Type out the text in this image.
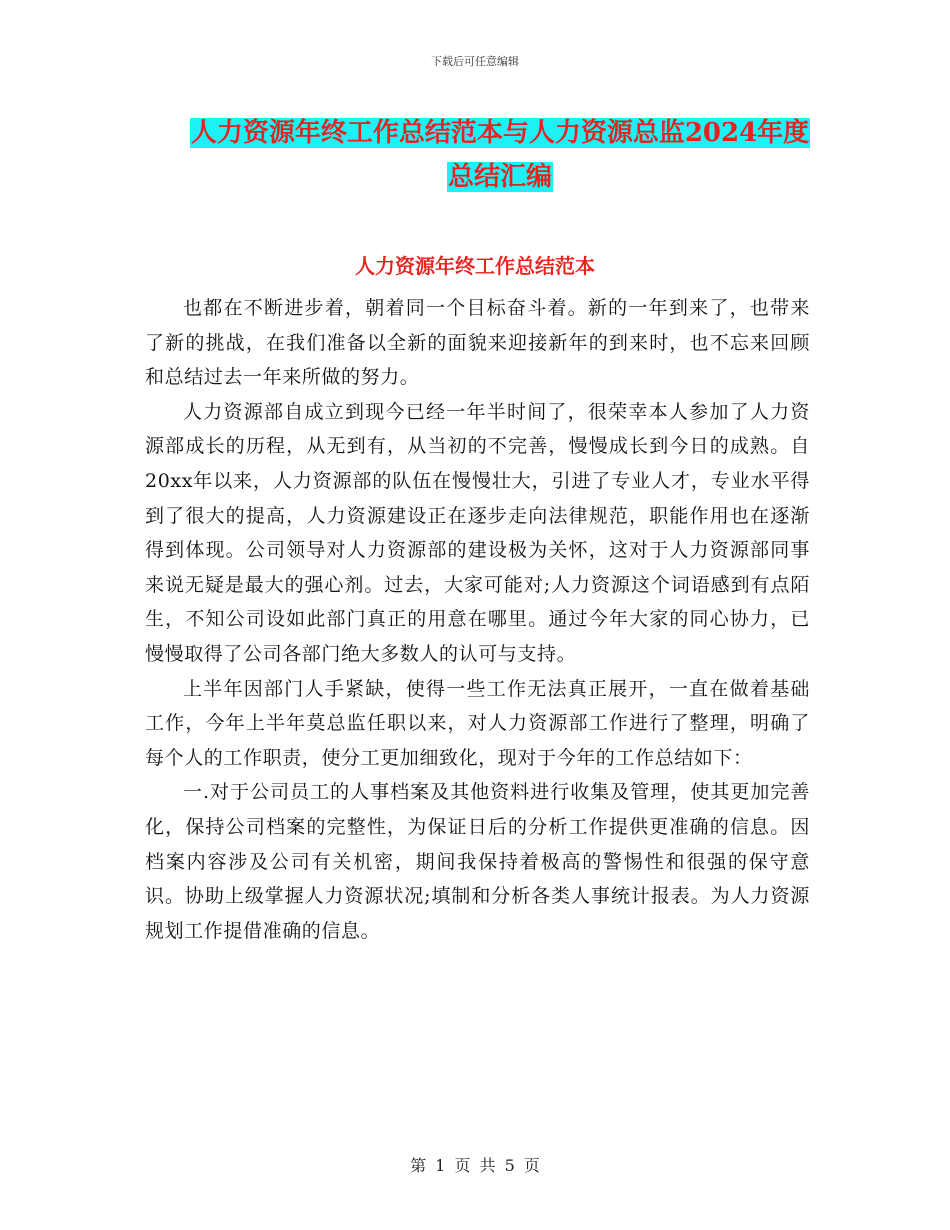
下载后可任意编辑
人力资源年终工作总结范本与人力资源总监2024年度
总结汇编
人力资源年终工作总结范本

也都在不断进步着，朝着同一个目标奋斗着。新的一年到来了，也带来了新的挑战，在我们准备以全新的面貌来迎接新年的到来时，也不忘来回顾和总结过去一年来所做的努力。

人力资源部自成立到现今已经一年半时间了，很荣幸本人参加了人力资源部成长的历程，从无到有，从当初的不完善，慢慢成长到今日的成熟。自20xx年以来，人力资源部的队伍在慢慢壮大，引进了专业人才，专业水平得到了很大的提高，人力资源建设正在逐步走向法律规范，职能作用也在逐渐得到体现。公司领导对人力资源部的建设极为关怀，这对于人力资源部同事来说无疑是最大的强心剂。过去，大家可能对;人力资源这个词语感到有点陌生，不知公司设如此部门真正的用意在哪里。通过今年大家的同心协力，已慢慢取得了公司各部门绝大多数人的认可与支持。

上半年因部门人手紧缺，使得一些工作无法真正展开，一直在做着基础工作，今年上半年莫总监任职以来，对人力资源部工作进行了整理，明确了每个人的工作职责，使分工更加细致化，现对于今年的工作总结如下：

一.对于公司员工的人事档案及其他资料进行收集及管理，使其更加完善化，保持公司档案的完整性，为保证日后的分析工作提供更准确的信息。因档案内容涉及公司有关机密，期间我保持着极高的警惕性和很强的保守意识。协助上级掌握人力资源状况;填制和分析各类人事统计报表。为人力资源规划工作提借准确的信息。

第 1 页 共 5 页
